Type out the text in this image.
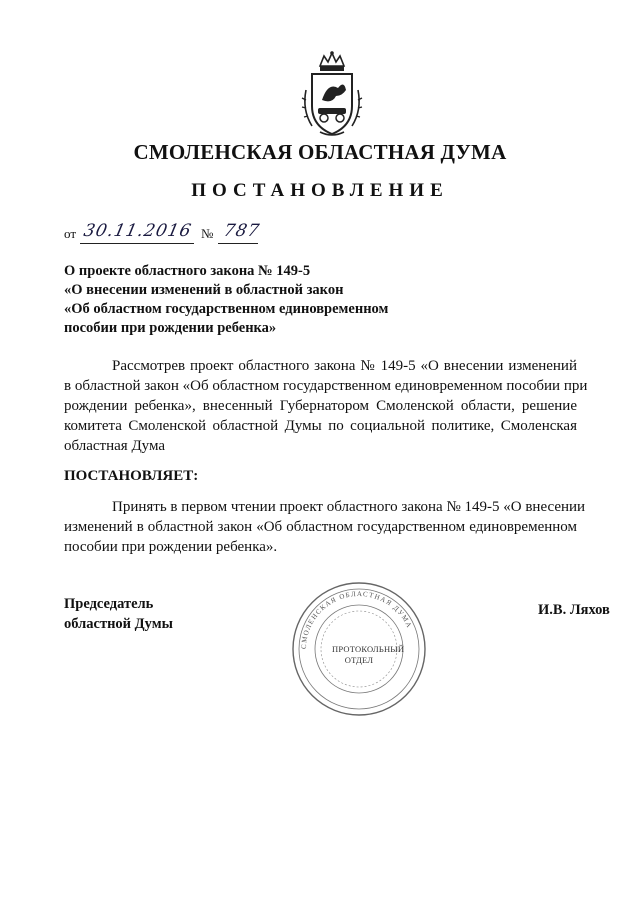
СМОЛЕНСКАЯ ОБЛАСТНАЯ ДУМА
ПОСТАНОВЛЕНИЕ
от 30.11.2016 № 787
О проекте областного закона № 149-5
«О внесении изменений в областной закон
«Об областном государственном единовременном
пособии при рождении ребенка»
Рассмотрев проект областного закона № 149-5 «О внесении изменений
в областной закон «Об областном государственном единовременном пособии при
рождении ребенка», внесенный Губернатором Смоленской области, решение
комитета Смоленской областной Думы по социальной политике, Смоленская
областная Дума
ПОСТАНОВЛЯЕТ:
Принять в первом чтении проект областного закона № 149-5 «О внесении
изменений в областной закон «Об областном государственном единовременном
пособии при рождении ребенка».
Председатель
областной Думы
И.В. Ляхов
СМОЛЕНСКАЯ ОБЛАСТНАЯ ДУМА
ПРОТОКОЛЬНЫЙ
ОТДЕЛ
